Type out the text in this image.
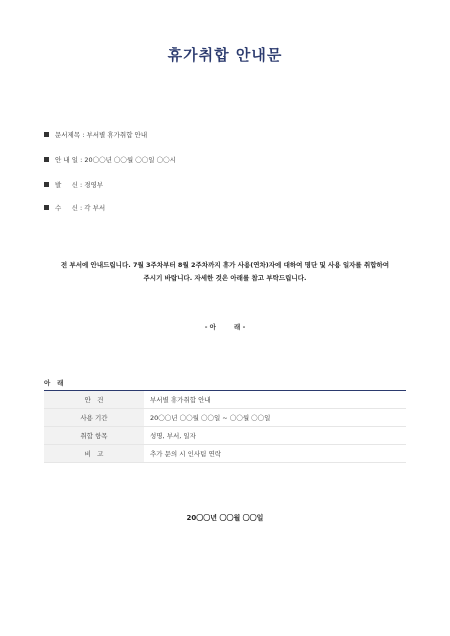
휴가취합 안내문
문서제목
: 부서별 휴가취합 안내
안 내 일
: 20〇〇년 〇〇월 〇〇일 〇〇시
발     신
: 경영부
수     신
: 각 부서
전 부서에 안내드립니다. 7월 3주차부터 8월 2주차까지 휴가 사용(연차)자에 대하여 명단 및 사용 일자를 취합하여
주시기 바랍니다. 자세한 것은 아래를 참고 부탁드립니다.
- 아        래 -
아   래
안   건	부서별 휴가취합 안내
사용 기간	20〇〇년 〇〇월 〇〇일 ~ 〇〇월 〇〇일
취합 항목	성명, 부서, 일자
비   고	추가 문의 시 인사팀 연락
20〇〇년 〇〇월 〇〇일
